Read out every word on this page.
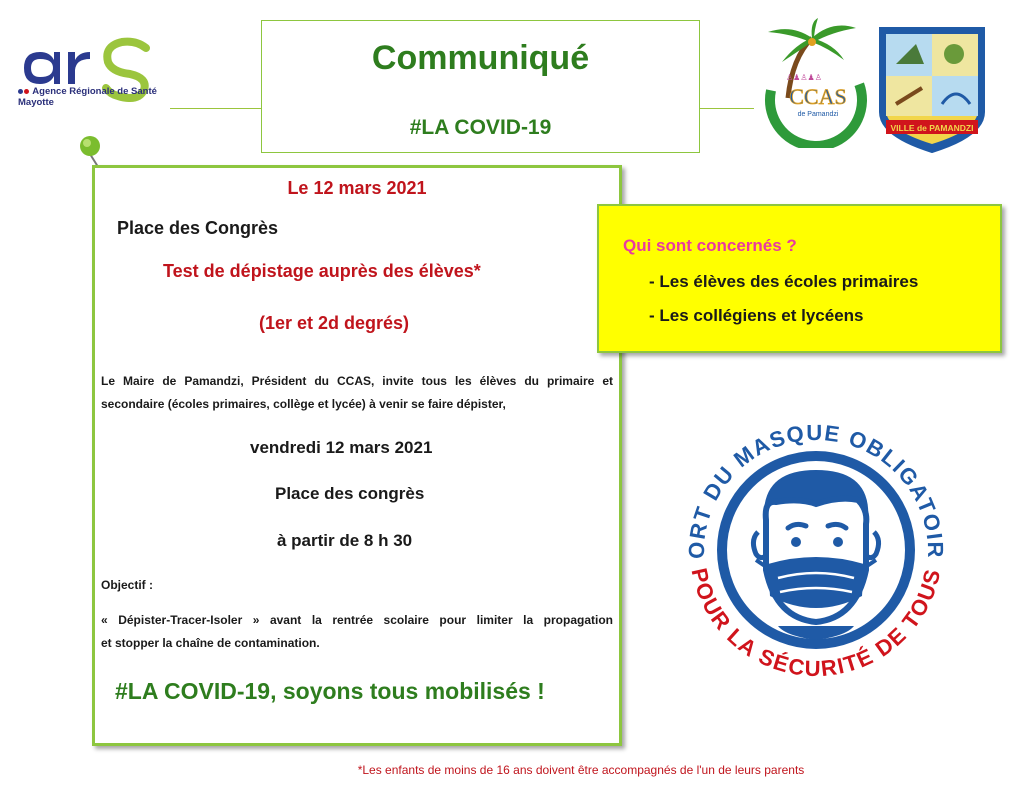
Agence Régionale de Santé
Mayotte
Communiqué
#LA COVID-19
CCAS
de Pamandzi
♙♟♙♟♙
VILLE de PAMANDZI
Le 12 mars 2021
Place des Congrès
Test de dépistage auprès des élèves*
(1er et 2d degrés)
Le Maire de Pamandzi, Président du CCAS, invite tous les élèves du primaire et
secondaire (écoles primaires, collège et lycée) à venir se faire dépister,
vendredi 12 mars 2021
Place des congrès
à partir de 8 h 30
Objectif :
« Dépister-Tracer-Isoler » avant la rentrée scolaire pour limiter la propagation
et stopper la chaîne de contamination.
#LA COVID-19, soyons tous mobilisés !
Qui sont concernés ?
- Les élèves des écoles primaires
- Les collégiens et lycéens
ORT DU MASQUE OBLIGATOIR
POUR LA SÉCURITÉ DE TOUS
*Les enfants de moins de 16 ans doivent être accompagnés de l'un de leurs parents
